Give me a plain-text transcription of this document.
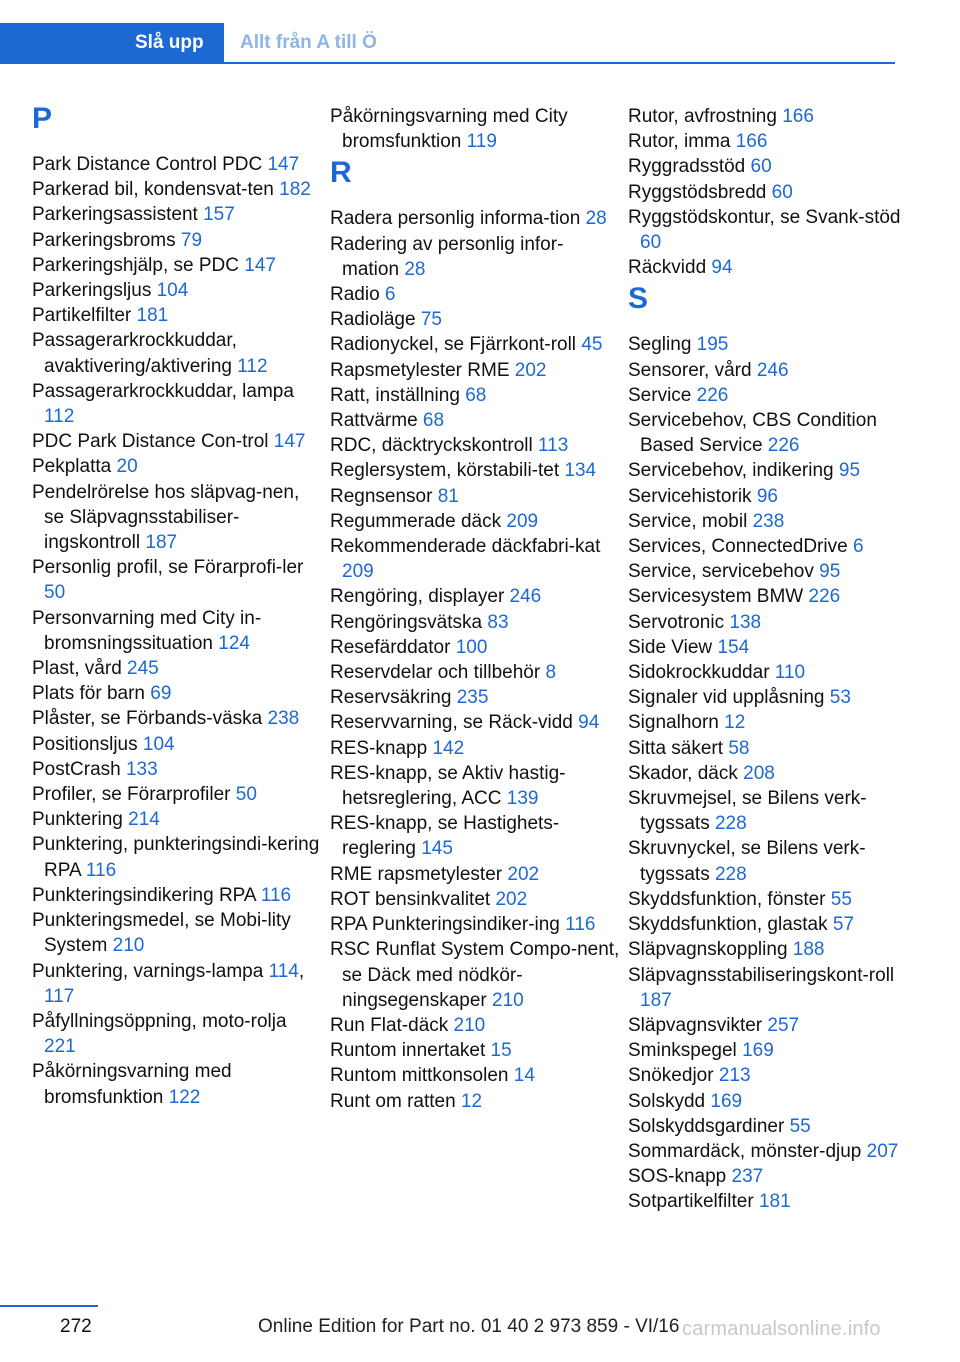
Slå upp Allt från A till Ö
P
Park Distance Control PDC 147
Parkerad bil, kondensvat‐ten 182
Parkeringsassistent 157
Parkeringsbroms 79
Parkeringshjälp, se PDC 147
Parkeringsljus 104
Partikelfilter 181
Passagerarkrockkuddar, avaktivering/aktivering 112
Passagerarkrockkuddar, lampa 112
PDC Park Distance Con‐trol 147
Pekplatta 20
Pendelrörelse hos släpvag‐nen, se Släpvagnsstabiliser‐ingskontroll 187
Personlig profil, se Förarprofi‐ler 50
Personvarning med City in‐bromsningssituation 124
Plast, vård 245
Plats för barn 69
Plåster, se Förbands‐väska 238
Positionsljus 104
PostCrash 133
Profiler, se Förarprofiler 50
Punktering 214
Punktering, punkteringsindi‐kering RPA 116
Punkteringsindikering RPA 116
Punkteringsmedel, se Mobi‐lity System 210
Punktering, varnings‐lampa 114, 117
Påfyllningsöppning, moto‐rolja 221
Påkörningsvarning med bromsfunktion 122
Påkörningsvarning med City bromsfunktion 119
R
Radera personlig informa‐tion 28
Radering av personlig infor‐mation 28
Radio 6
Radioläge 75
Radionyckel, se Fjärrkont‐roll 45
Rapsmetylester RME 202
Ratt, inställning 68
Rattvärme 68
RDC, däcktryckskontroll 113
Reglersystem, körstabili‐tet 134
Regnsensor 81
Regummerade däck 209
Rekommenderade däckfabri‐kat 209
Rengöring, displayer 246
Rengöringsvätska 83
Resefärddator 100
Reservdelar och tillbehör 8
Reservsäkring 235
Reservvarning, se Räck‐vidd 94
RES-knapp 142
RES-knapp, se Aktiv hastig‐hetsreglering, ACC 139
RES-knapp, se Hastighets‐reglering 145
RME rapsmetylester 202
ROT bensinkvalitet 202
RPA Punkteringsindiker‐ing 116
RSC Runflat System Compo‐nent, se Däck med nödkör‐ningsegenskaper 210
Run Flat-däck 210
Runtom innertaket 15
Runtom mittkonsolen 14
Runt om ratten 12
Rutor, avfrostning 166
Rutor, imma 166
Ryggradsstöd 60
Ryggstödsbredd 60
Ryggstödskontur, se Svank‐stöd 60
Räckvidd 94
S
Segling 195
Sensorer, vård 246
Service 226
Servicebehov, CBS Condition Based Service 226
Servicebehov, indikering 95
Servicehistorik 96
Service, mobil 238
Services, ConnectedDrive 6
Service, servicebehov 95
Servicesystem BMW 226
Servotronic 138
Side View 154
Sidokrockkuddar 110
Signaler vid upplåsning 53
Signalhorn 12
Sitta säkert 58
Skador, däck 208
Skruvmejsel, se Bilens verk‐tygssats 228
Skruvnyckel, se Bilens verk‐tygssats 228
Skyddsfunktion, fönster 55
Skyddsfunktion, glastak 57
Släpvagnskoppling 188
Släpvagnsstabiliseringskont‐roll 187
Släpvagnsvikter 257
Sminkspegel 169
Snökedjor 213
Solskydd 169
Solskyddsgardiner 55
Sommardäck, mönster‐djup 207
SOS-knapp 237
Sotpartikelfilter 181
272	Online Edition for Part no. 01 40 2 973 859 - VI/16 carmanualsonline.info
